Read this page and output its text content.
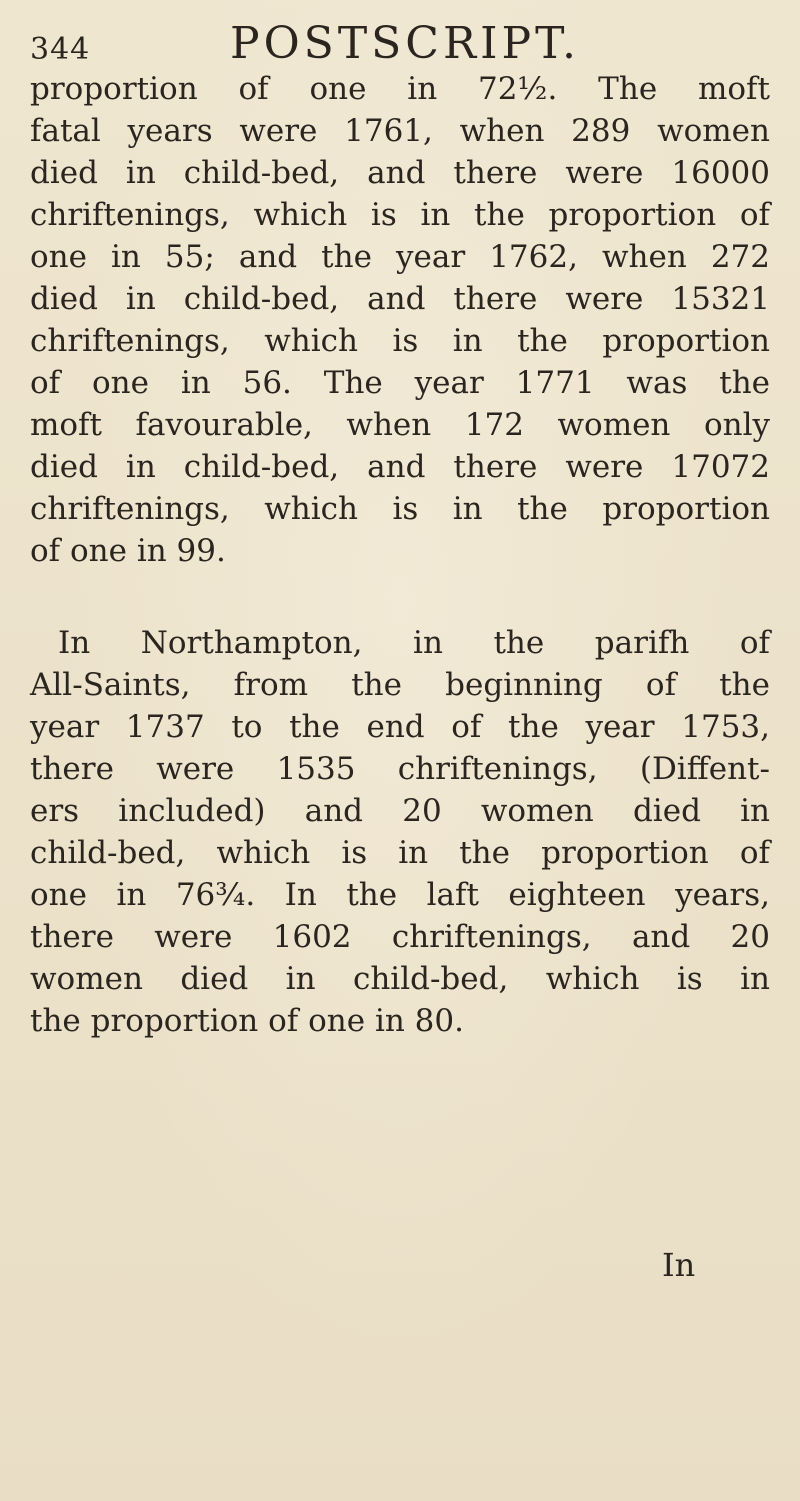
344	POSTSCRIPT.

proportion of one in 72½. The moft
fatal years were 1761, when 289 women
died in child-bed, and there were 16000
chriftenings, which is in the proportion of
one in 55; and the year 1762, when 272
died in child-bed, and there were 15321
chriftenings, which is in the proportion
of one in 56. The year 1771 was the
moft favourable, when 172 women only
died in child-bed, and there were 17072
chriftenings, which is in the proportion
of one in 99.

In Northampton, in the parifh of
All-Saints, from the beginning of the
year 1737 to the end of the year 1753,
there were 1535 chriftenings, (Diffent-
ers included) and 20 women died in
child-bed, which is in the proportion of
one in 76¾. In the laft eighteen years,
there were 1602 chriftenings, and 20
women died in child-bed, which is in
the proportion of one in 80.

In
